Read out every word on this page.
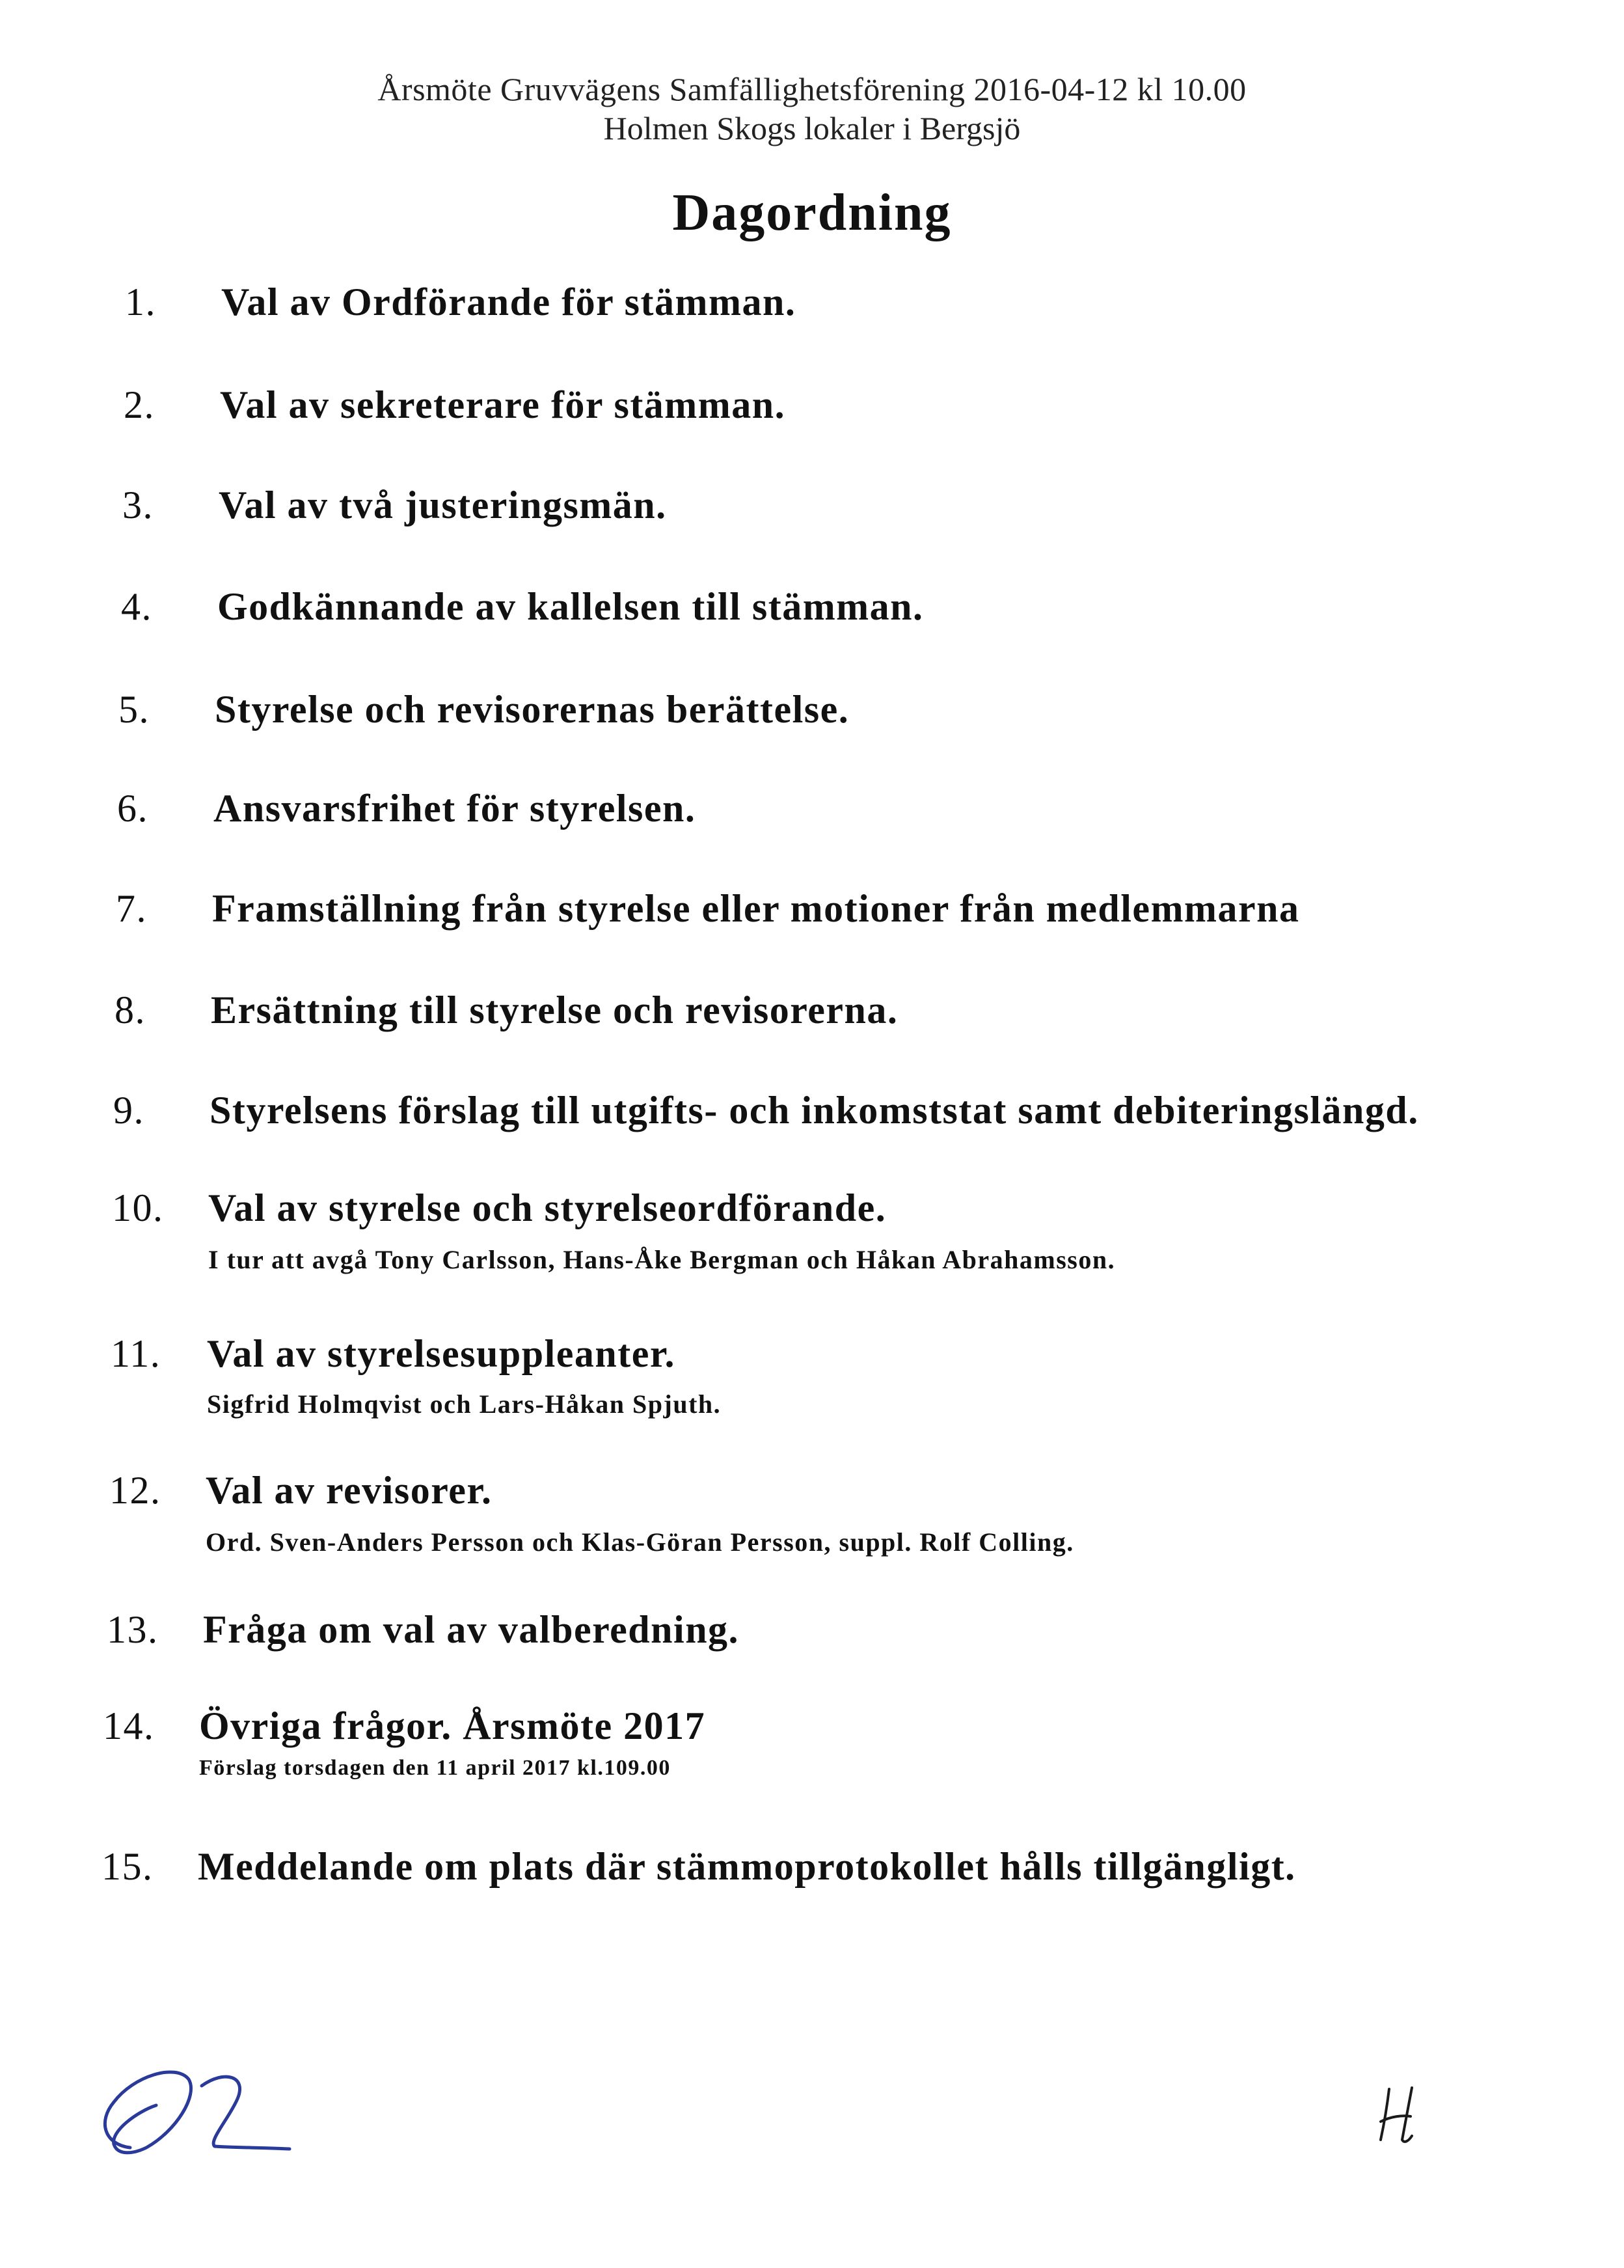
Årsmöte Gruvvägens Samfällighetsförening 2016-04-12 kl 10.00
Holmen Skogs lokaler i Bergsjö
Dagordning
1.	Val av Ordförande för stämman.
2.	Val av sekreterare för stämman.
3.	Val av två justeringsmän.
4.	Godkännande av kallelsen till stämman.
5.	Styrelse och revisorernas berättelse.
6.	Ansvarsfrihet för styrelsen.
7.	Framställning från styrelse eller motioner från medlemmarna
8.	Ersättning till styrelse och revisorerna.
9.	Styrelsens förslag till utgifts- och inkomststat samt debiteringslängd.
10.	Val av styrelse och styrelseordförande.
I tur att avgå Tony Carlsson, Hans-Åke Bergman och Håkan Abrahamsson.
11.	Val av styrelsesuppleanter.
Sigfrid Holmqvist och Lars-Håkan Spjuth.
12.	Val av revisorer.
Ord. Sven-Anders Persson och Klas-Göran Persson, suppl. Rolf Colling.
13.	Fråga om val av valberedning.
14.	Övriga frågor. Årsmöte 2017
Förslag torsdagen den 11 april 2017 kl.109.00
15.	Meddelande om plats där stämmoprotokollet hålls tillgängligt.
